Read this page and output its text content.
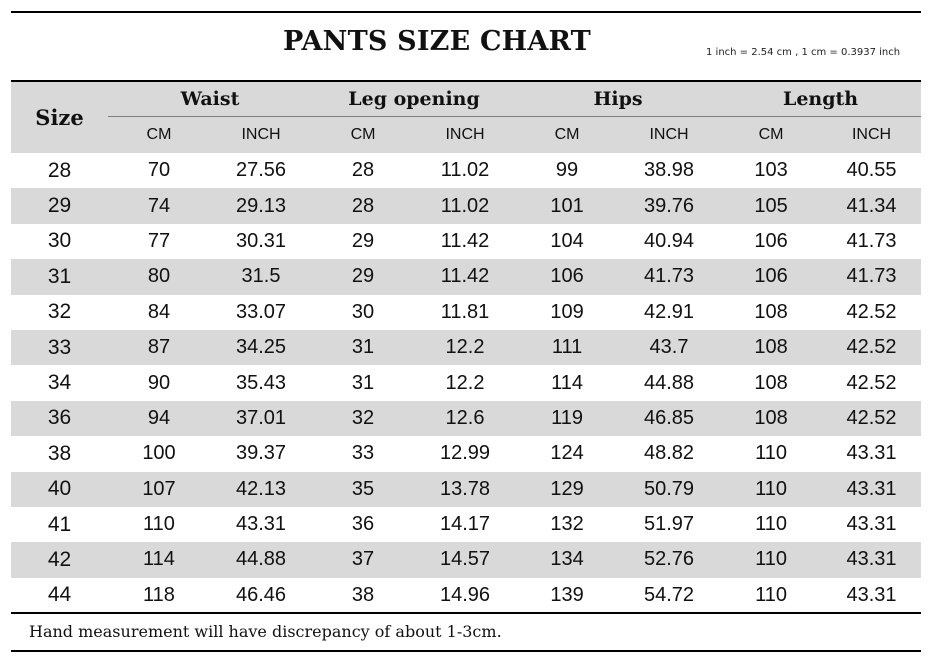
PANTS SIZE CHART	1 inch = 2.54 cm , 1 cm = 0.3937 inch
Size	Waist		Leg opening		Hips		Length	
	CM	INCH	CM	INCH	CM	INCH	CM	INCH
28	70	27.56	28	11.02	99	38.98	103	40.55
29	74	29.13	28	11.02	101	39.76	105	41.34
30	77	30.31	29	11.42	104	40.94	106	41.73
31	80	31.5	29	11.42	106	41.73	106	41.73
32	84	33.07	30	11.81	109	42.91	108	42.52
33	87	34.25	31	12.2	111	43.7	108	42.52
34	90	35.43	31	12.2	114	44.88	108	42.52
36	94	37.01	32	12.6	119	46.85	108	42.52
38	100	39.37	33	12.99	124	48.82	110	43.31
40	107	42.13	35	13.78	129	50.79	110	43.31
41	110	43.31	36	14.17	132	51.97	110	43.31
42	114	44.88	37	14.57	134	52.76	110	43.31
44	118	46.46	38	14.96	139	54.72	110	43.31
Hand measurement will have discrepancy of about 1-3cm.
